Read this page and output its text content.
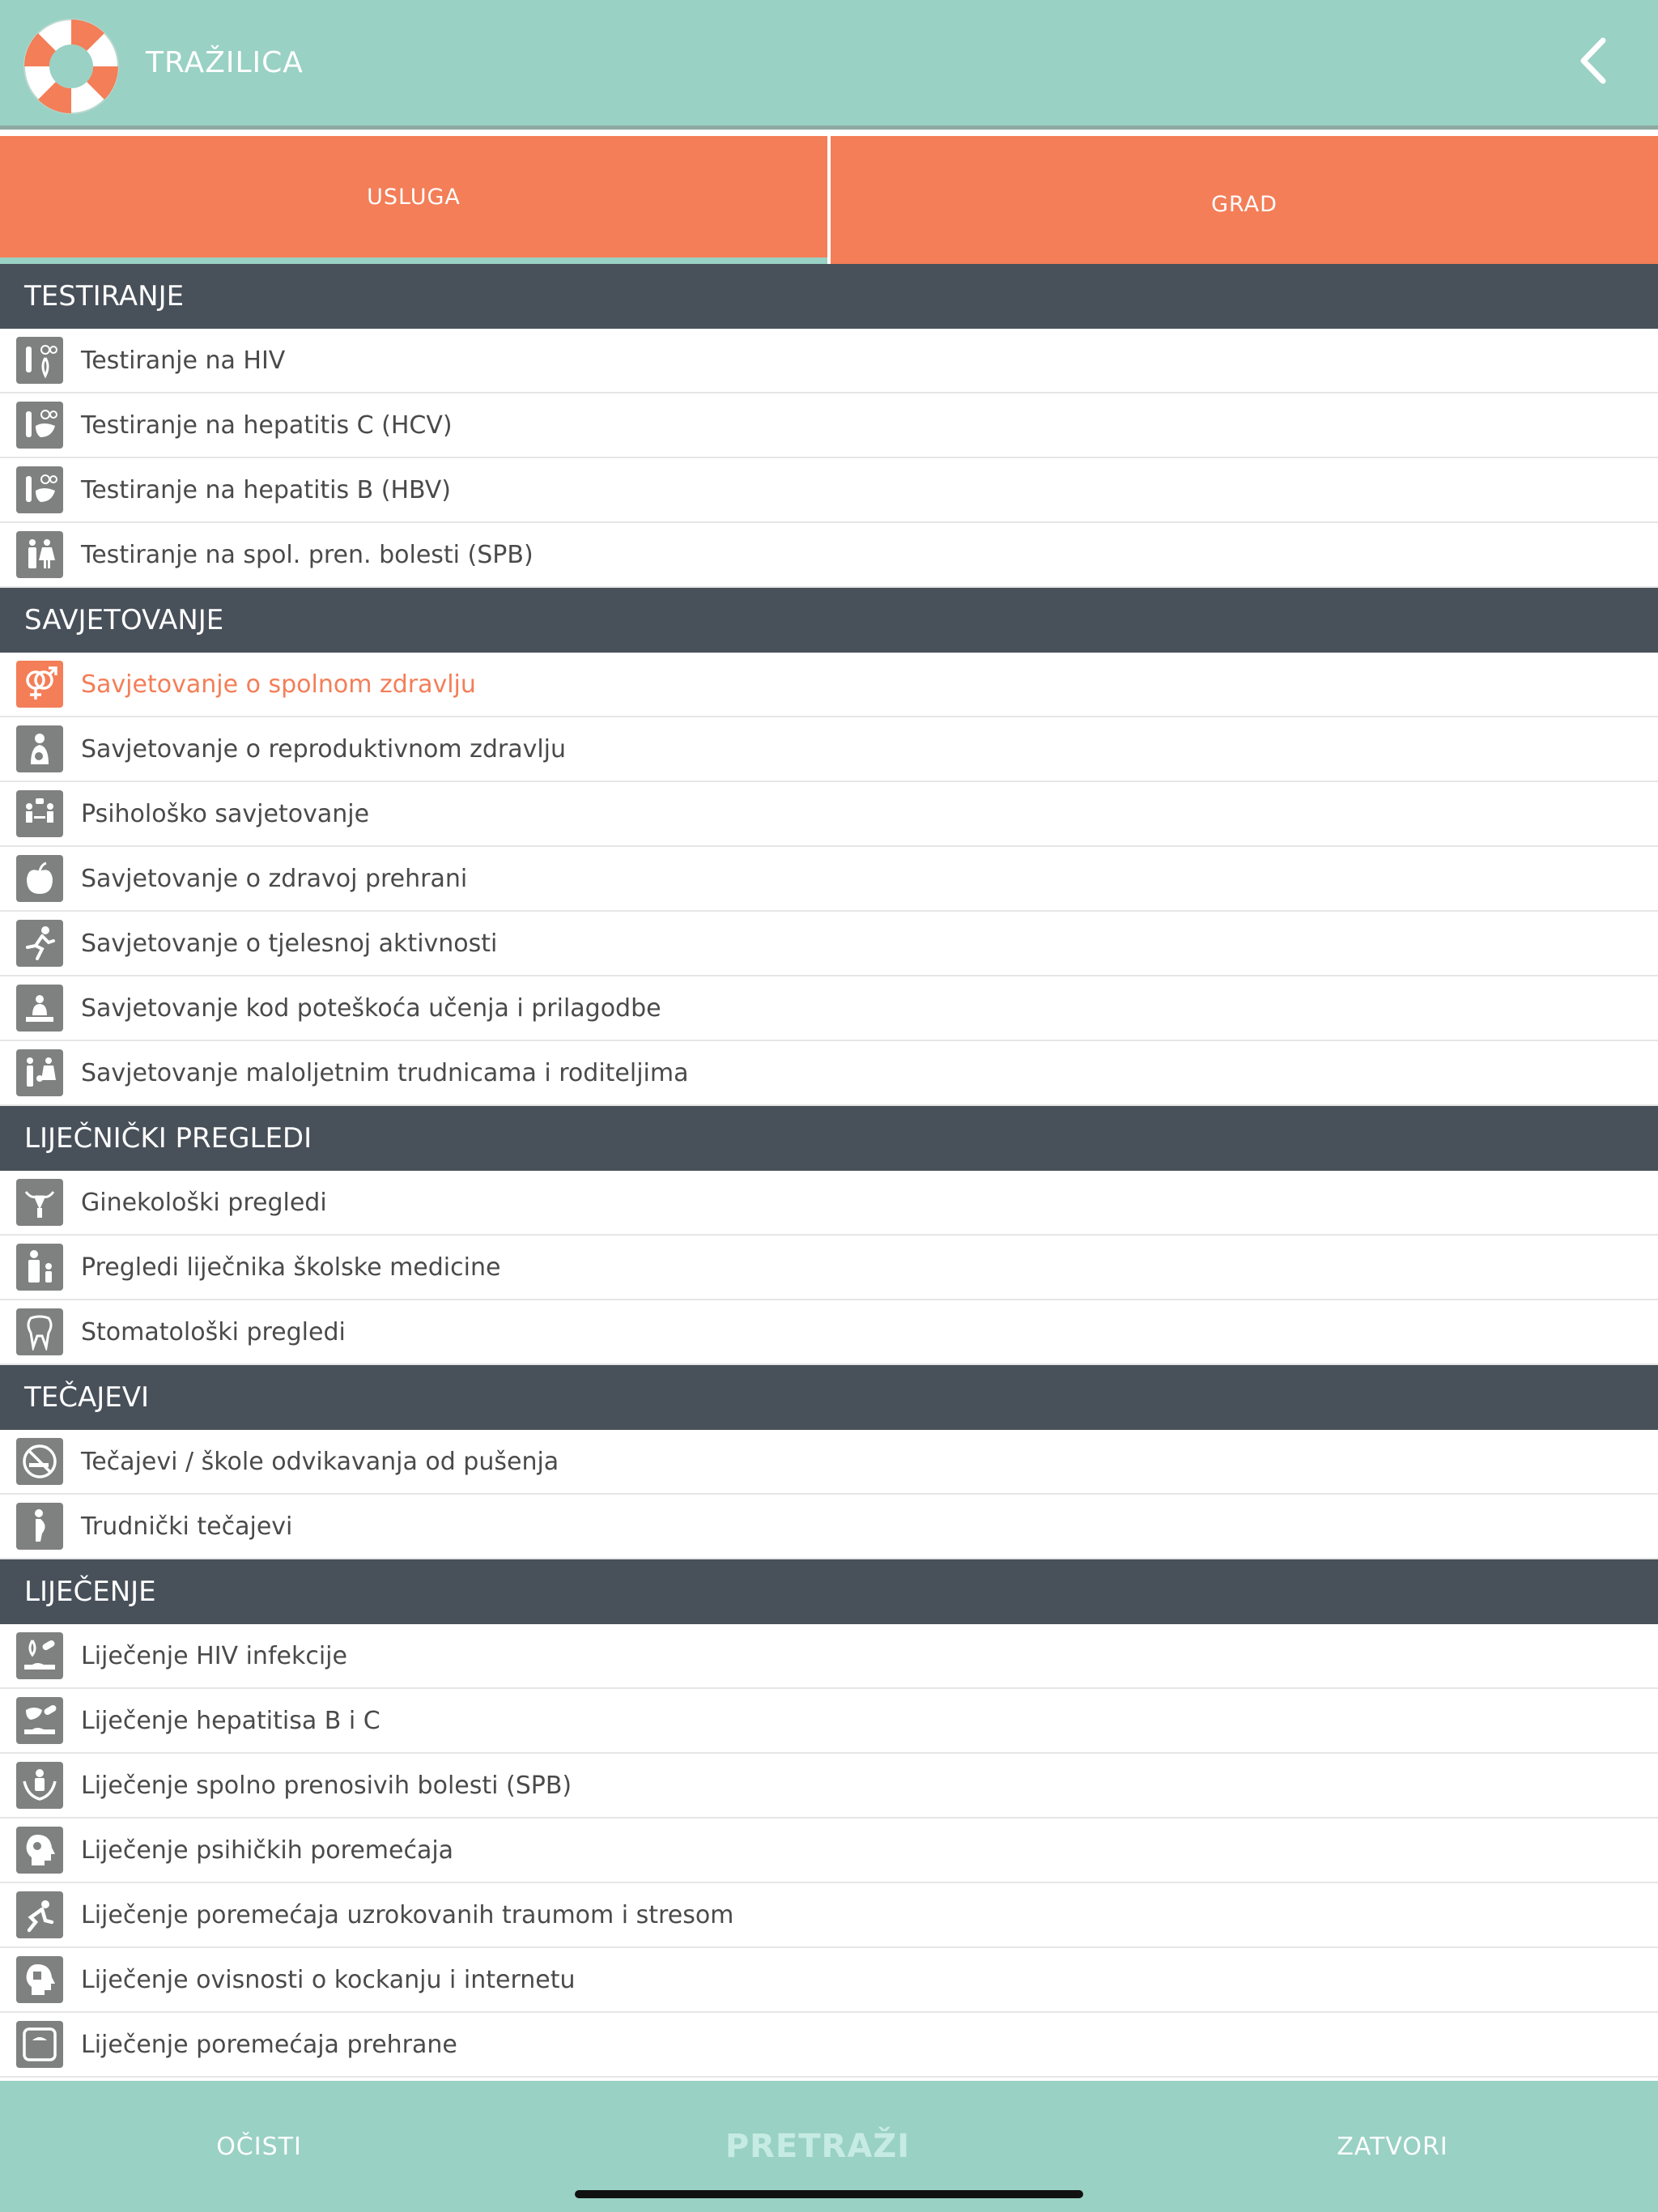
TRAŽILICA
USLUGA	GRAD
TESTIRANJE
Testiranje na HIV
Testiranje na hepatitis C (HCV)
Testiranje na hepatitis B (HBV)
Testiranje na spol. pren. bolesti (SPB)
SAVJETOVANJE
Savjetovanje o spolnom zdravlju
Savjetovanje o reproduktivnom zdravlju
Psihološko savjetovanje
Savjetovanje o zdravoj prehrani
Savjetovanje o tjelesnoj aktivnosti
Savjetovanje kod poteškoća učenja i prilagodbe
Savjetovanje maloljetnim trudnicama i roditeljima
LIJEČNIČKI PREGLEDI
Ginekološki pregledi
Pregledi liječnika školske medicine
Stomatološki pregledi
TEČAJEVI
Tečajevi / škole odvikavanja od pušenja
Trudnički tečajevi
LIJEČENJE
Liječenje HIV infekcije
Liječenje hepatitisa B i C
Liječenje spolno prenosivih bolesti (SPB)
Liječenje psihičkih poremećaja
Liječenje poremećaja uzrokovanih traumom i stresom
Liječenje ovisnosti o kockanju i internetu
Liječenje poremećaja prehrane
OČISTI	PRETRAŽI	ZATVORI
